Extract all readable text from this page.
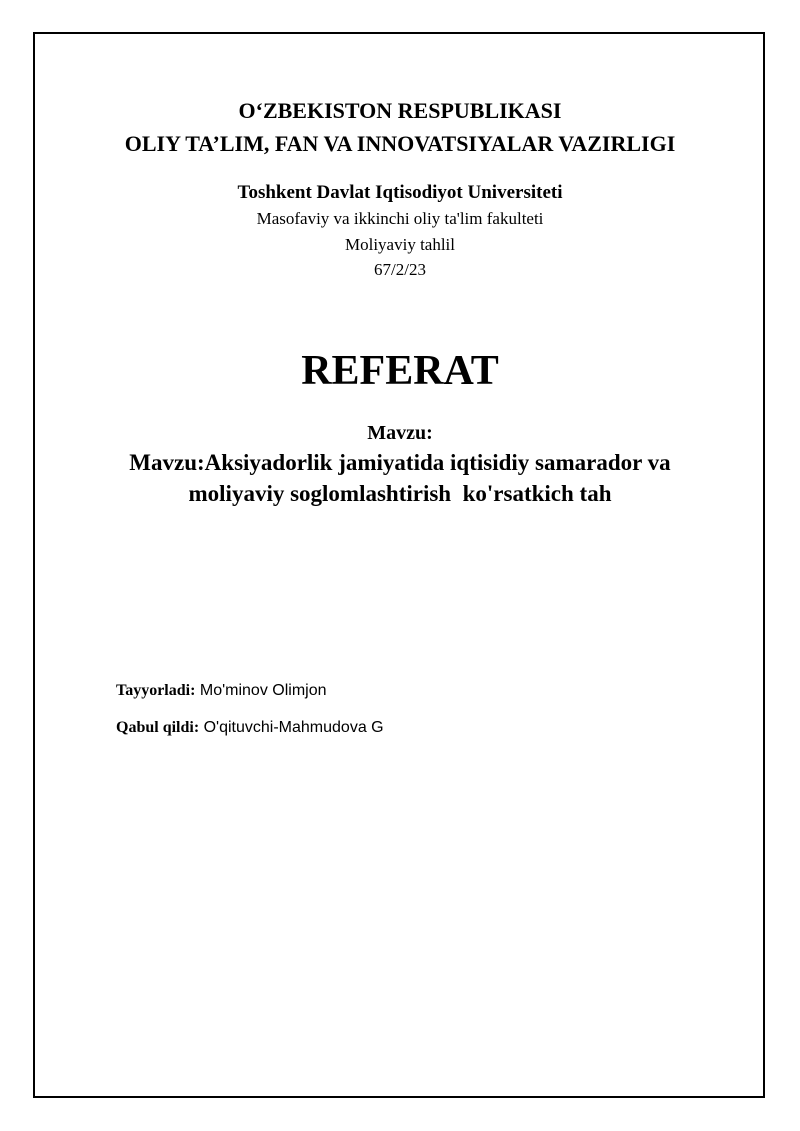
O‘ZBEKISTON RESPUBLIKASI
OLIY TA’LIM, FAN VA INNOVATSIYALAR VAZIRLIGI
Toshkent Davlat Iqtisodiyot Universiteti
Masofaviy va ikkinchi oliy ta'lim fakulteti
Moliyaviy tahlil
67/2/23
REFERAT
Mavzu:
Mavzu:Aksiyadorlik jamiyatida iqtisidiy samarador va
moliyaviy soglomlashtirish  ko'rsatkich tah
Tayyorladi: Mo'minov Olimjon
Qabul qildi: O'qituvchi-Mahmudova G
